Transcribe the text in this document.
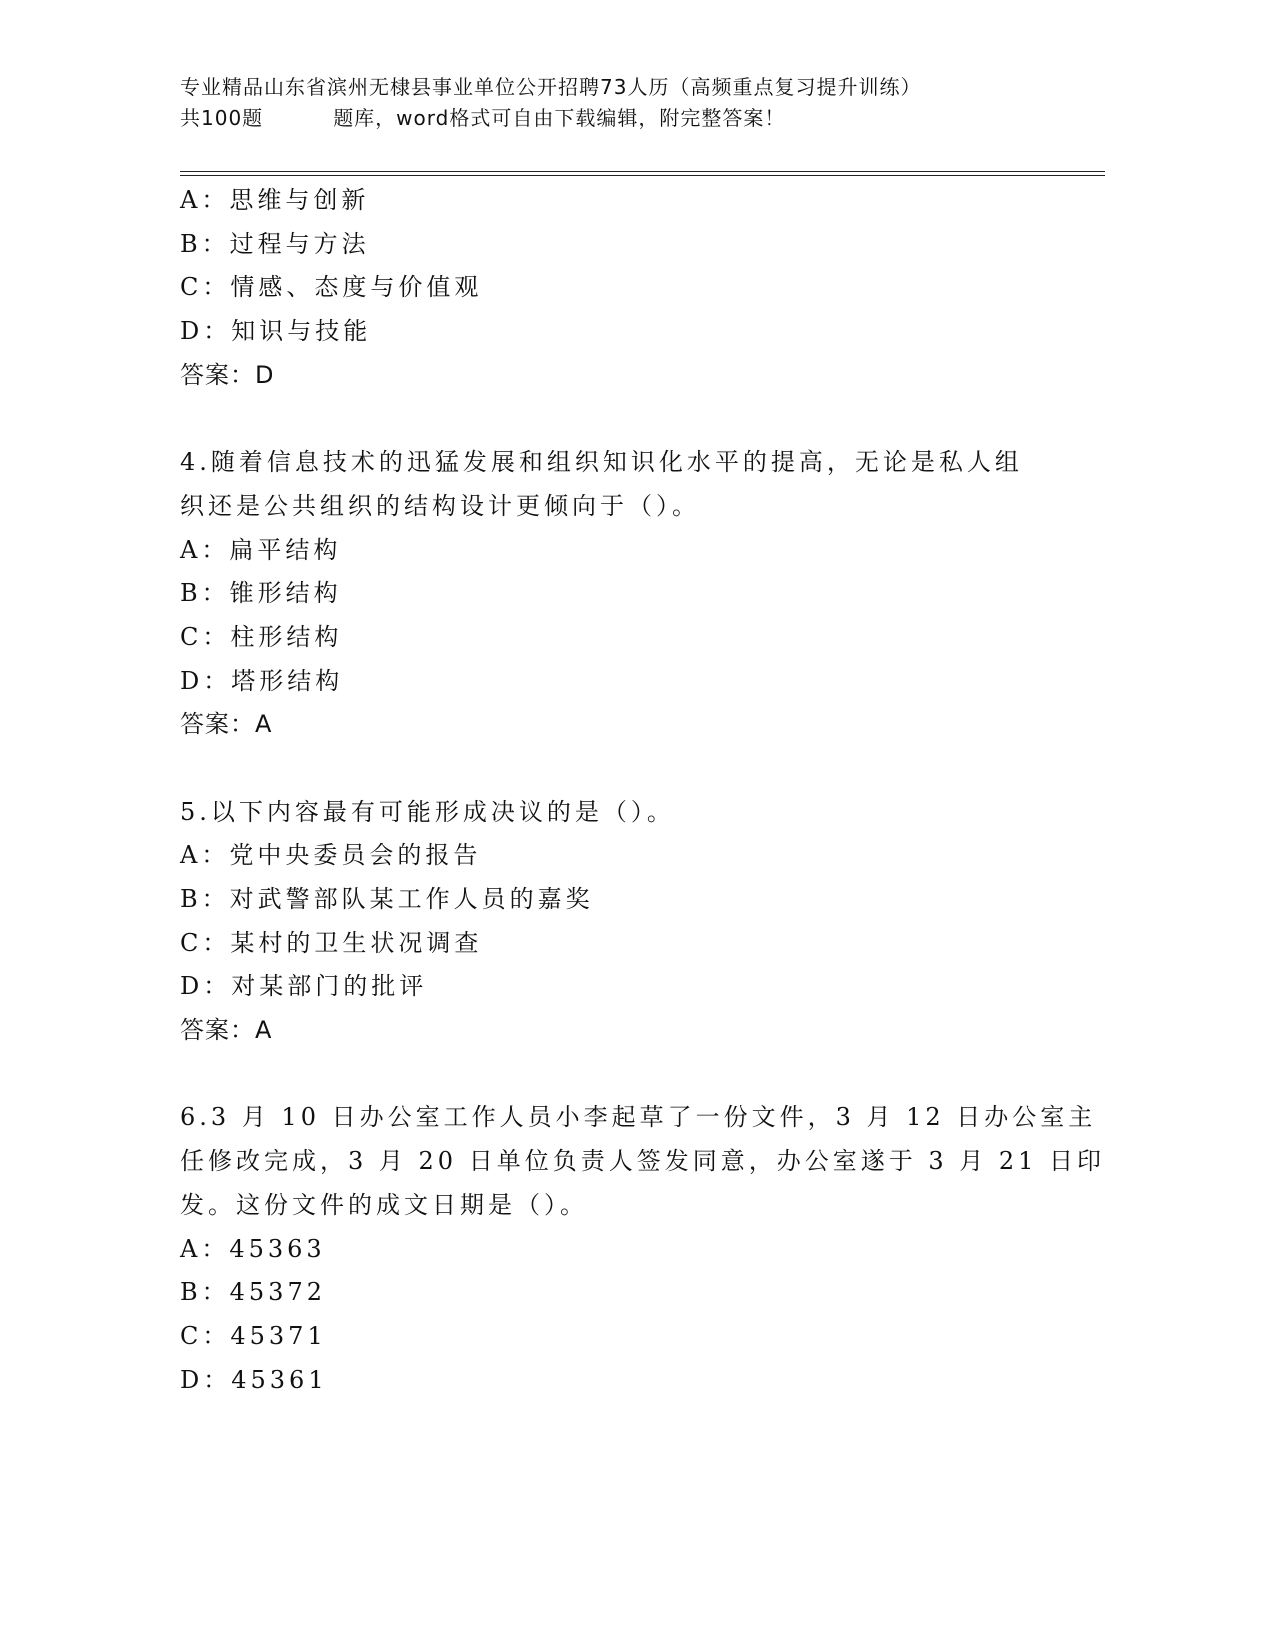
专业精品山东省滨州无棣县事业单位公开招聘73人历（高频重点复习提升训练）
共100题	题库，word格式可自由下载编辑，附完整答案！
A：思维与创新
B：过程与方法
C：情感、态度与价值观
D：知识与技能
答案：D
4.随着信息技术的迅猛发展和组织知识化水平的提高，无论是私人组
织还是公共组织的结构设计更倾向于（）。
A：扁平结构
B：锥形结构
C：柱形结构
D：塔形结构
答案：A
5.以下内容最有可能形成决议的是（）。
A：党中央委员会的报告
B：对武警部队某工作人员的嘉奖
C：某村的卫生状况调查
D：对某部门的批评
答案：A
6.3 月 10 日办公室工作人员小李起草了一份文件，3 月 12 日办公室主
任修改完成，3 月 20 日单位负责人签发同意，办公室遂于 3 月 21 日印
发。这份文件的成文日期是（）。
A：45363
B：45372
C：45371
D：45361
